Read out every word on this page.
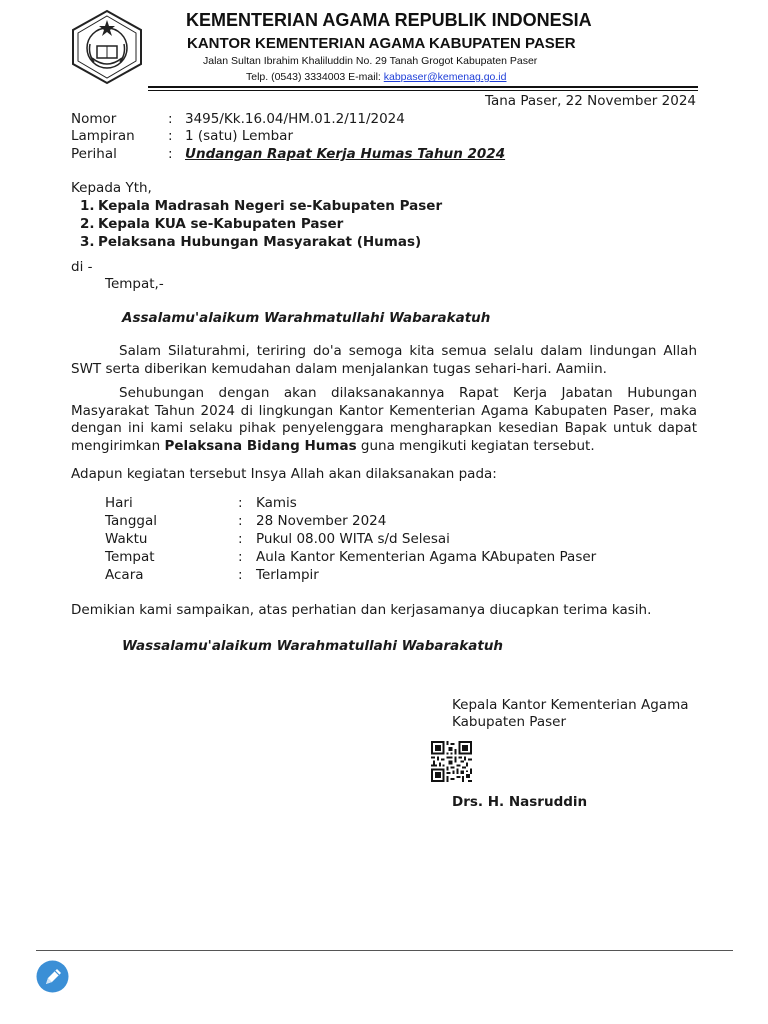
KEMENTERIAN AGAMA REPUBLIK INDONESIA
KANTOR KEMENTERIAN AGAMA KABUPATEN PASER
Jalan Sultan Ibrahim Khaliluddin No. 29 Tanah Grogot Kabupaten Paser
Telp. (0543) 3334003 E-mail: kabpaser@kemenag.go.id
Tana Paser, 22 November 2024
Nomor	: 3495/Kk.16.04/HM.01.2/11/2024
Lampiran : 1 (satu) Lembar
Perihal	: Undangan Rapat Kerja Humas Tahun 2024
Kepada Yth,
1. Kepala Madrasah Negeri se-Kabupaten Paser
2. Kepala KUA se-Kabupaten Paser
3. Pelaksana Hubungan Masyarakat (Humas)
di -
Tempat,-
Assalamu'alaikum Warahmatullahi Wabarakatuh

Salam Silaturahmi, teriring do'a semoga kita semua selalu dalam lindungan Allah SWT serta diberikan kemudahan dalam menjalankan tugas sehari-hari. Aamiin.

Sehubungan dengan akan dilaksanakannya Rapat Kerja Jabatan Hubungan Masyarakat Tahun 2024 di lingkungan Kantor Kementerian Agama Kabupaten Paser, maka dengan ini kami selaku pihak penyelenggara mengharapkan kesedian Bapak untuk dapat mengirimkan Pelaksana Bidang Humas guna mengikuti kegiatan tersebut.

Adapun kegiatan tersebut Insya Allah akan dilaksanakan pada:
Hari	: Kamis
Tanggal	: 28 November 2024
Waktu	: Pukul 08.00 WITA s/d Selesai
Tempat	: Aula Kantor Kementerian Agama KAbupaten Paser
Acara	: Terlampir
Demikian kami sampaikan, atas perhatian dan kerjasamanya diucapkan terima kasih.
Wassalamu'alaikum Warahmatullahi Wabarakatuh
Kepala Kantor Kementerian Agama
Kabupaten Paser
Drs. H. Nasruddin
